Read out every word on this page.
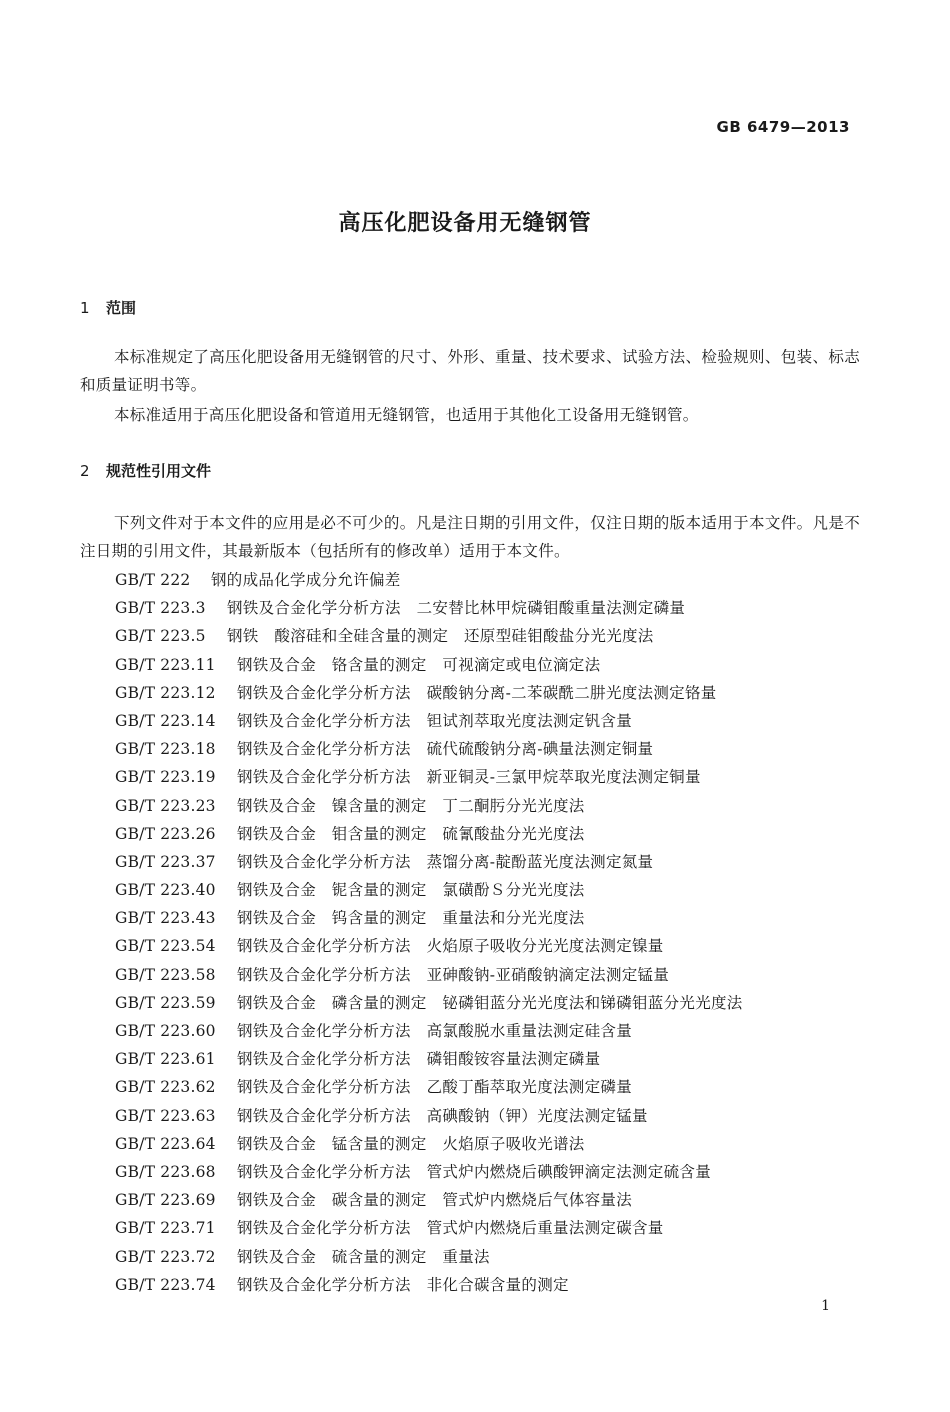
GB 6479—2013
高压化肥设备用无缝钢管
1 范围
本标准规定了高压化肥设备用无缝钢管的尺寸、外形、重量、技术要求、试验方法、检验规则、包装、标志和质量证明书等。
本标准适用于高压化肥设备和管道用无缝钢管，也适用于其他化工设备用无缝钢管。
2 规范性引用文件
下列文件对于本文件的应用是必不可少的。凡是注日期的引用文件，仅注日期的版本适用于本文件。凡是不注日期的引用文件，其最新版本（包括所有的修改单）适用于本文件。
GB/T 222 钢的成品化学成分允许偏差
GB/T 223.3 钢铁及合金化学分析方法　二安替比林甲烷磷钼酸重量法测定磷量
GB/T 223.5 钢铁　酸溶硅和全硅含量的测定　还原型硅钼酸盐分光光度法
GB/T 223.11 钢铁及合金　铬含量的测定　可视滴定或电位滴定法
GB/T 223.12 钢铁及合金化学分析方法　碳酸钠分离-二苯碳酰二肼光度法测定铬量
GB/T 223.14 钢铁及合金化学分析方法　钽试剂萃取光度法测定钒含量
GB/T 223.18 钢铁及合金化学分析方法　硫代硫酸钠分离-碘量法测定铜量
GB/T 223.19 钢铁及合金化学分析方法　新亚铜灵-三氯甲烷萃取光度法测定铜量
GB/T 223.23 钢铁及合金　镍含量的测定　丁二酮肟分光光度法
GB/T 223.26 钢铁及合金　钼含量的测定　硫氰酸盐分光光度法
GB/T 223.37 钢铁及合金化学分析方法　蒸馏分离-靛酚蓝光度法测定氮量
GB/T 223.40 钢铁及合金　铌含量的测定　氯磺酚Ｓ分光光度法
GB/T 223.43 钢铁及合金　钨含量的测定　重量法和分光光度法
GB/T 223.54 钢铁及合金化学分析方法　火焰原子吸收分光光度法测定镍量
GB/T 223.58 钢铁及合金化学分析方法　亚砷酸钠-亚硝酸钠滴定法测定锰量
GB/T 223.59 钢铁及合金　磷含量的测定　铋磷钼蓝分光光度法和锑磷钼蓝分光光度法
GB/T 223.60 钢铁及合金化学分析方法　高氯酸脱水重量法测定硅含量
GB/T 223.61 钢铁及合金化学分析方法　磷钼酸铵容量法测定磷量
GB/T 223.62 钢铁及合金化学分析方法　乙酸丁酯萃取光度法测定磷量
GB/T 223.63 钢铁及合金化学分析方法　高碘酸钠（钾）光度法测定锰量
GB/T 223.64 钢铁及合金　锰含量的测定　火焰原子吸收光谱法
GB/T 223.68 钢铁及合金化学分析方法　管式炉内燃烧后碘酸钾滴定法测定硫含量
GB/T 223.69 钢铁及合金　碳含量的测定　管式炉内燃烧后气体容量法
GB/T 223.71 钢铁及合金化学分析方法　管式炉内燃烧后重量法测定碳含量
GB/T 223.72 钢铁及合金　硫含量的测定　重量法
GB/T 223.74 钢铁及合金化学分析方法　非化合碳含量的测定
1
